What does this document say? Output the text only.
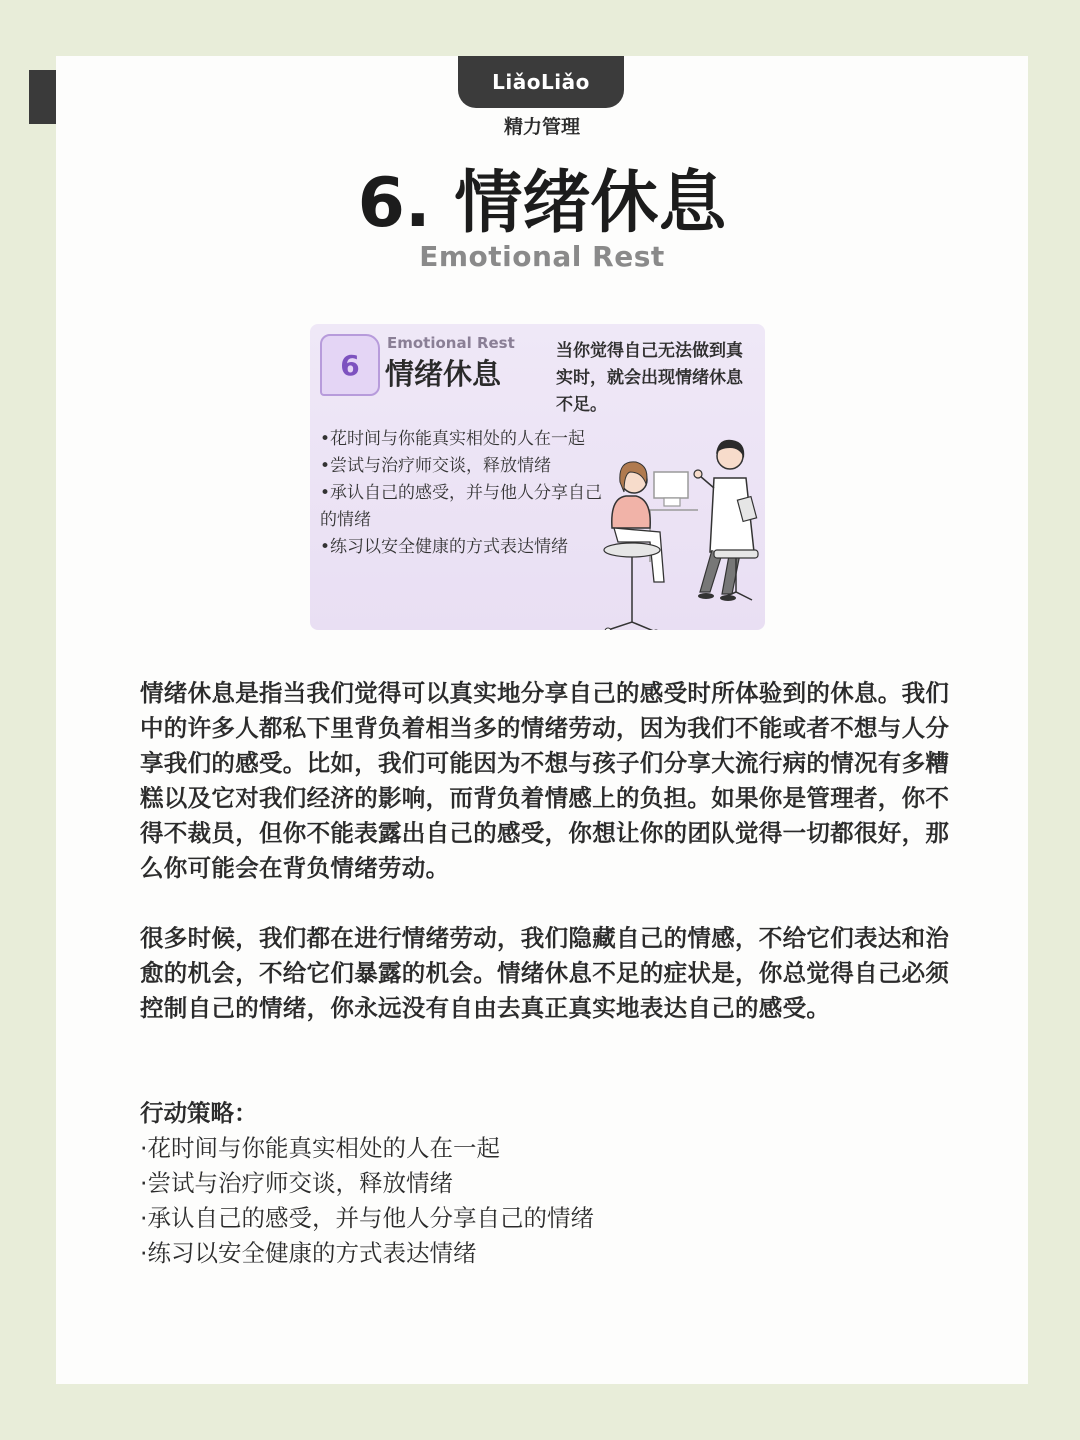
LiǎoLiǎo
精力管理
6. 情绪休息
Emotional Rest
6
Emotional Rest
情绪休息
当你觉得自己无法做到真实时，就会出现情绪休息不足。
•花时间与你能真实相处的人在一起
•尝试与治疗师交谈，释放情绪
•承认自己的感受，并与他人分享自己的情绪
•练习以安全健康的方式表达情绪

情绪休息是指当我们觉得可以真实地分享自己的感受时所体验到的休息。我们中的许多人都私下里背负着相当多的情绪劳动，因为我们不能或者不想与人分享我们的感受。比如，我们可能因为不想与孩子们分享大流行病的情况有多糟糕以及它对我们经济的影响，而背负着情感上的负担。如果你是管理者，你不得不裁员，但你不能表露出自己的感受，你想让你的团队觉得一切都很好，那么你可能会在背负情绪劳动。

很多时候，我们都在进行情绪劳动，我们隐藏自己的情感，不给它们表达和治愈的机会，不给它们暴露的机会。情绪休息不足的症状是，你总觉得自己必须控制自己的情绪，你永远没有自由去真正真实地表达自己的感受。

行动策略：
·花时间与你能真实相处的人在一起
·尝试与治疗师交谈，释放情绪
·承认自己的感受，并与他人分享自己的情绪
·练习以安全健康的方式表达情绪
